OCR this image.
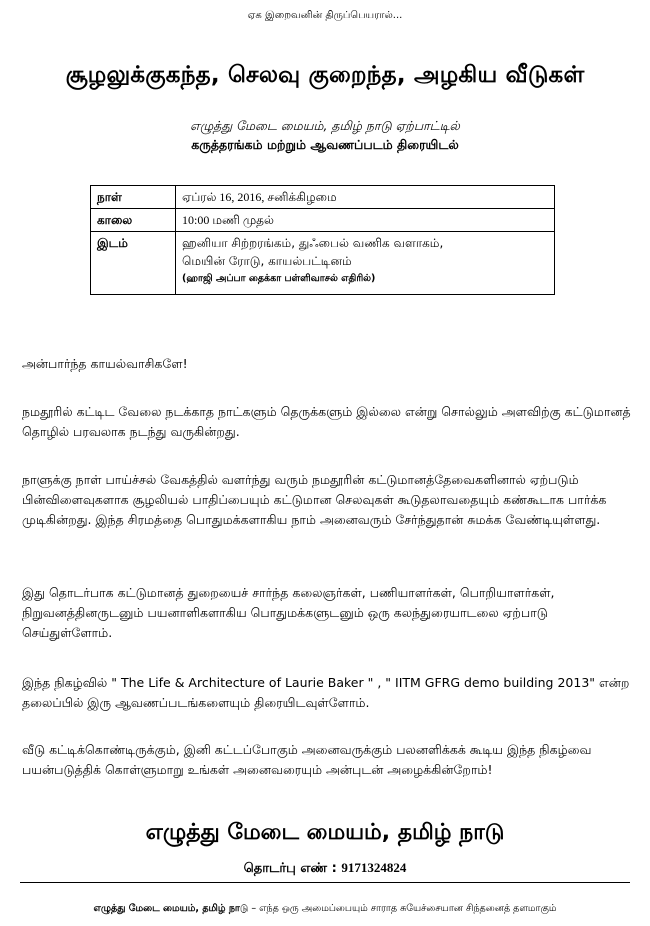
ஏக இறைவனின் திருப்பெயரால்...
சூழலுக்குகந்த, செலவு குறைந்த, அழகிய வீடுகள்
எழுத்து மேடை மையம், தமிழ் நாடு ஏற்பாட்டில்
கருத்தரங்கம் மற்றும் ஆவணப்படம் திரையிடல்
நாள்	ஏப்ரல் 16, 2016, சனிக்கிழமை
காலை	10:00 மணி முதல்
இடம்	ஹனியா சிற்றரங்கம், துஃபைல் வணிக வளாகம்,
மெயின் ரோடு, காயல்பட்டினம்
(ஹாஜி அப்பா தைக்கா பள்ளிவாசல் எதிரில்)
அன்பார்ந்த காயல்வாசிகளே!
நமதூரில் கட்டிட வேலை நடக்காத நாட்களும் தெருக்களும் இல்லை என்று சொல்லும் அளவிற்கு கட்டுமானத் தொழில் பரவலாக நடந்து வருகின்றது.
நாளுக்கு நாள் பாய்ச்சல் வேகத்தில் வளர்ந்து வரும் நமதூரின் கட்டுமானத்தேவைகளினால் ஏற்படும் பின்விளைவுகளாக சூழலியல் பாதிப்பையும் கட்டுமான செலவுகள் கூடுதலாவதையும் கண்கூடாக பார்க்க முடிகின்றது. இந்த சிரமத்தை பொதுமக்களாகிய நாம் அனைவரும் சேர்ந்துதான் சுமக்க வேண்டியுள்ளது.
இது தொடர்பாக கட்டுமானத் துறையைச் சார்ந்த கலைஞர்கள், பணியாளர்கள், பொறியாளர்கள், நிறுவனத்தினருடனும் பயனாளிகளாகிய பொதுமக்களுடனும் ஒரு கலந்துரையாடலை ஏற்பாடு செய்துள்ளோம்.
இந்த நிகழ்வில் " The Life & Architecture of Laurie Baker " , " IITM GFRG demo building 2013" என்ற தலைப்பில் இரு ஆவணப்படங்களையும் திரையிடவுள்ளோம்.
வீடு கட்டிக்கொண்டிருக்கும், இனி கட்டப்போகும் அனைவருக்கும் பலனளிக்கக் கூடிய இந்த நிகழ்வை பயன்படுத்திக் கொள்ளுமாறு உங்கள் அனைவரையும் அன்புடன் அழைக்கின்றோம்!
எழுத்து மேடை மையம், தமிழ் நாடு
தொடர்பு எண் : 9171324824
எழுத்து மேடை மையம், தமிழ் நாடு – எந்த ஒரு அமைப்பையும் சாராத சுயேச்சையான சிந்தனைத் தளமாகும்
